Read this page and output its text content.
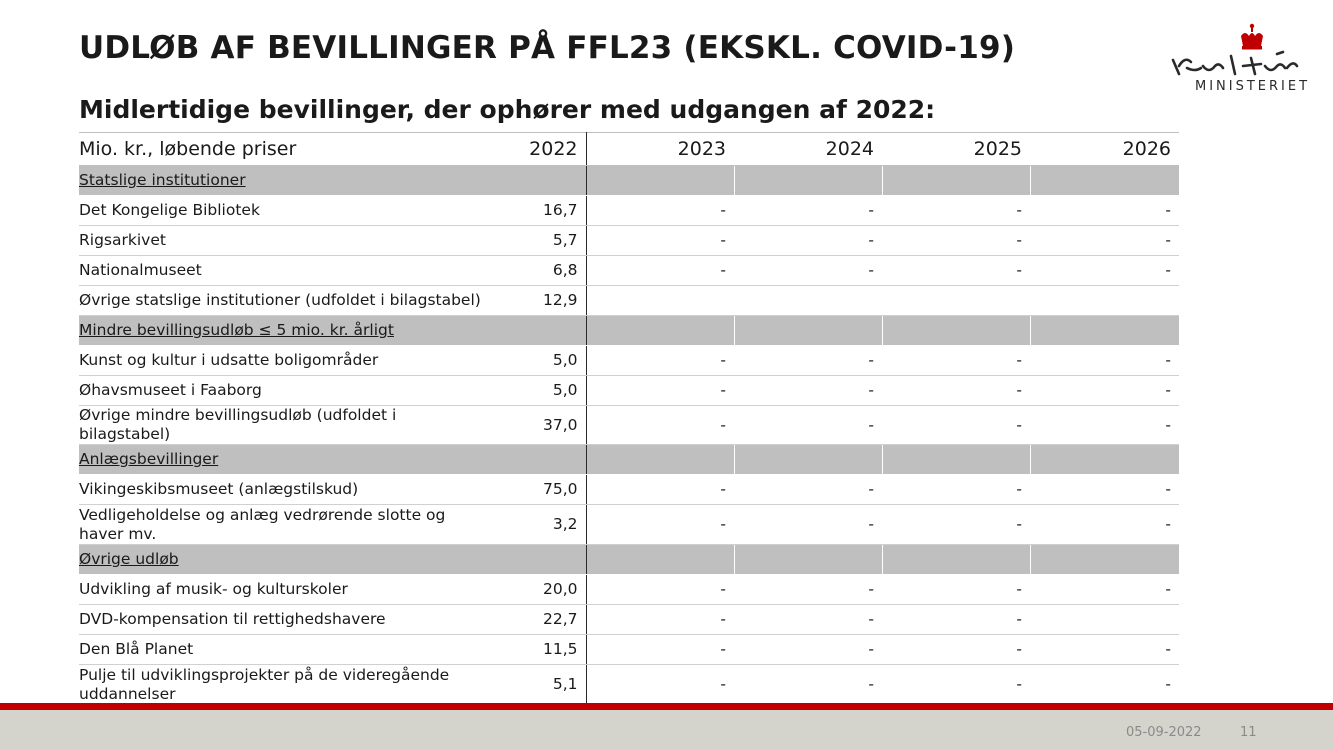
UDLØB AF BEVILLINGER PÅ FFL23 (EKSKL. COVID-19)
Midlertidige bevillinger, der ophører med udgangen af 2022:
MINISTERIET
Mio. kr., løbende priser	2022	2023	2024	2025	2026
Statslige institutioner					
Det Kongelige Bibliotek	16,7	-	-	-	-
Rigsarkivet	5,7	-	-	-	-
Nationalmuseet	6,8	-	-	-	-
Øvrige statslige institutioner (udfoldet i bilagstabel)	12,9				
Mindre bevillingsudløb ≤ 5 mio. kr. årligt					
Kunst og kultur i udsatte boligområder	5,0	-	-	-	-
Øhavsmuseet i Faaborg	5,0	-	-	-	-
Øvrige mindre bevillingsudløb (udfoldet i bilagstabel)	37,0	-	-	-	-
Anlægsbevillinger					
Vikingeskibsmuseet (anlægstilskud)	75,0	-	-	-	-
Vedligeholdelse og anlæg vedrørende slotte og haver mv.	3,2	-	-	-	-
Øvrige udløb					
Udvikling af musik- og kulturskoler	20,0	-	-	-	-
DVD-kompensation til rettighedshavere	22,7	-	-	-	
Den Blå Planet	11,5	-	-	-	-
Pulje til udviklingsprojekter på de videregående uddannelser	5,1	-	-	-	-
05-09-2022	11
